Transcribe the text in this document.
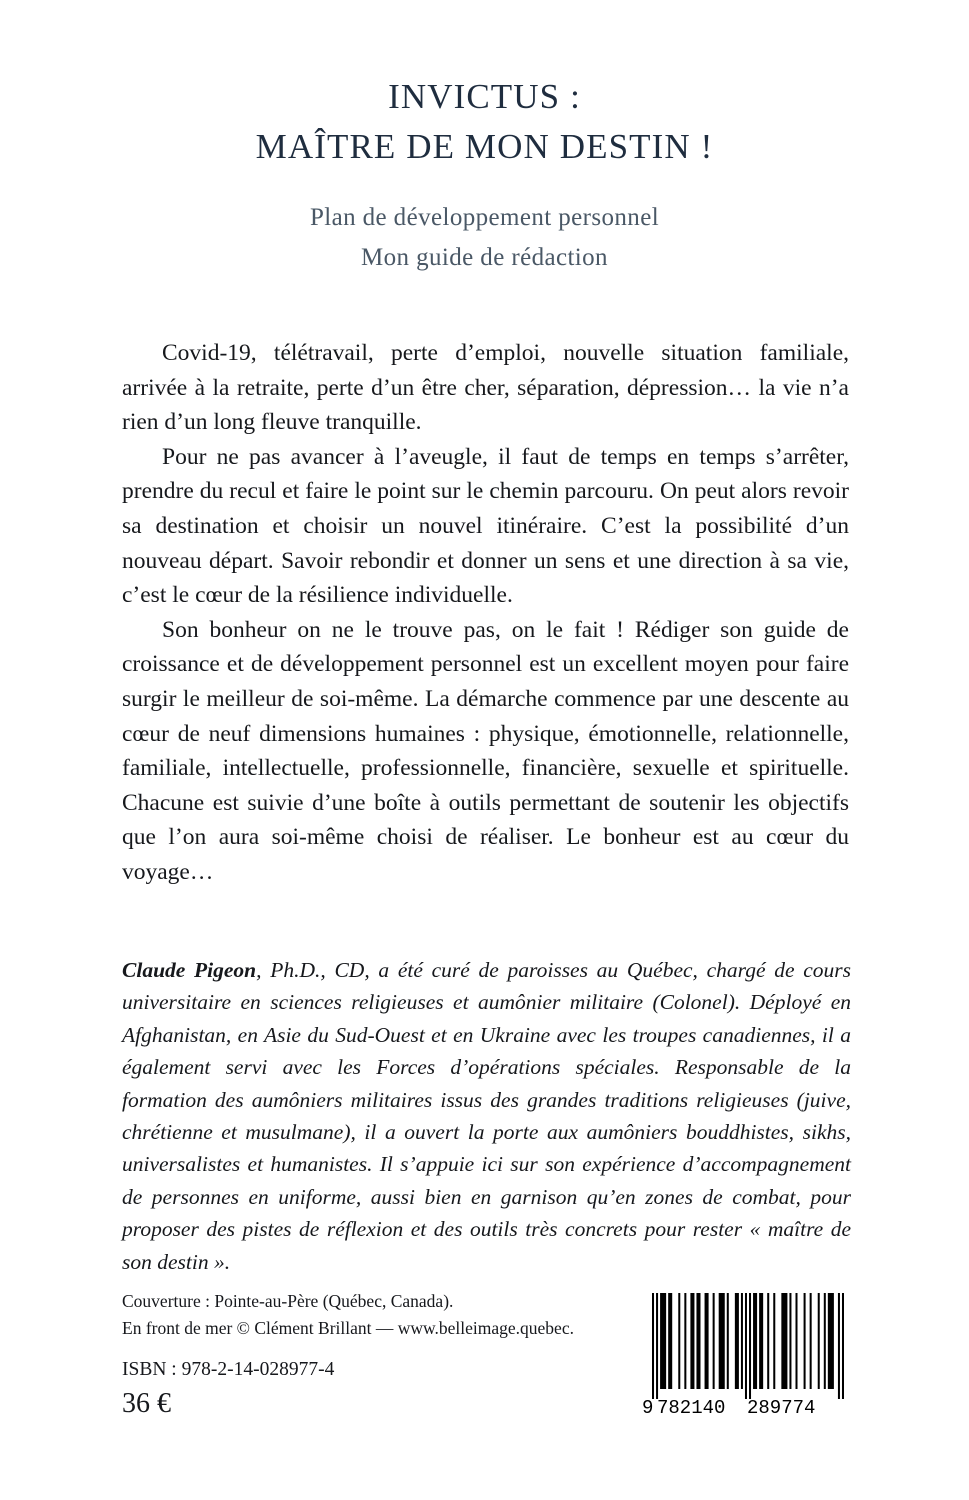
INVICTUS :
MAÎTRE DE MON DESTIN !
Plan de développement personnel
Mon guide de rédaction

Covid-19, télétravail, perte d’emploi, nouvelle situation familiale, arrivée à la retraite, perte d’un être cher, séparation, dépression… la vie n’a rien d’un long fleuve tranquille.

Pour ne pas avancer à l’aveugle, il faut de temps en temps s’arrêter, prendre du recul et faire le point sur le chemin parcouru. On peut alors revoir sa destination et choisir un nouvel itinéraire. C’est la possibilité d’un nouveau départ. Savoir rebondir et donner un sens et une direction à sa vie, c’est le cœur de la résilience individuelle.

Son bonheur on ne le trouve pas, on le fait ! Rédiger son guide de croissance et de développement personnel est un excellent moyen pour faire surgir le meilleur de soi-même. La démarche commence par une descente au cœur de neuf dimensions humaines : physique, émotionnelle, relationnelle, familiale, intellectuelle, professionnelle, financière, sexuelle et spirituelle. Chacune est suivie d’une boîte à outils permettant de soutenir les objectifs que l’on aura soi-même choisi de réaliser. Le bonheur est au cœur du voyage…

Claude Pigeon, Ph.D., CD, a été curé de paroisses au Québec, chargé de cours universitaire en sciences religieuses et aumônier militaire (Colonel). Déployé en Afghanistan, en Asie du Sud-Ouest et en Ukraine avec les troupes canadiennes, il a également servi avec les Forces d’opérations spéciales. Responsable de la formation des aumôniers militaires issus des grandes traditions religieuses (juive, chrétienne et musulmane), il a ouvert la porte aux aumôniers bouddhistes, sikhs, universalistes et humanistes. Il s’appuie ici sur son expérience d’accompagnement de personnes en uniforme, aussi bien en garnison qu’en zones de combat, pour proposer des pistes de réflexion et des outils très concrets pour rester « maître de son destin ».

Couverture : Pointe-au-Père (Québec, Canada).
En front de mer © Clément Brillant — www.belleimage.quebec.
ISBN : 978-2-14-028977-4
36 €	9 782140 289774
